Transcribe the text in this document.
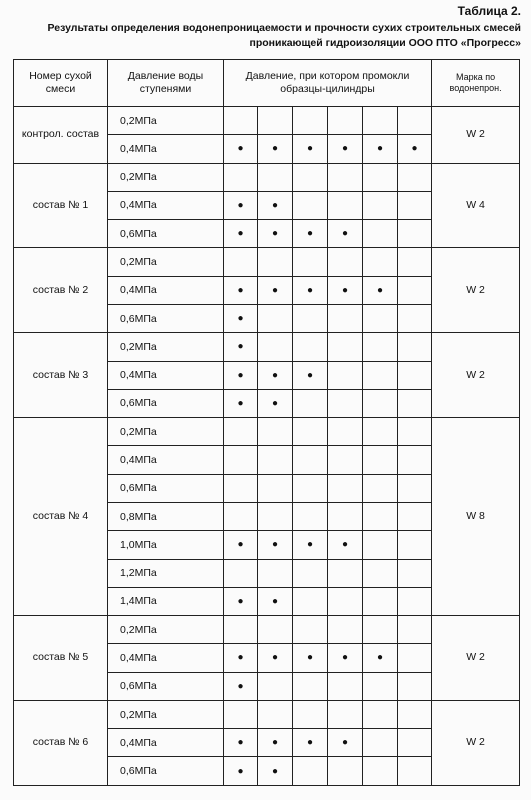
Таблица 2.
Результаты определения водонепроницаемости и прочности сухих строительных смесей проникающей гидроизоляции ООО ПТО «Прогресс»
Номер сухой смеси	Давление воды ступенями	Давление, при котором промокли образцы-цилиндры						Марка по водонепрон.
контрол. состав	0,2МПа							W 2
	0,4МПа	●	●	●	●	●	●	
состав № 1	0,2МПа							W 4
	0,4МПа	●	●					
	0,6МПа	●	●	●	●			
состав № 2	0,2МПа							W 2
	0,4МПа	●	●	●	●	●		
	0,6МПа	●						
состав № 3	0,2МПа	●						W 2
	0,4МПа	●	●	●				
	0,6МПа	●	●					
состав № 4	0,2МПа							W 8
	0,4МПа							
	0,6МПа							
	0,8МПа							
	1,0МПа	●	●	●	●			
	1,2МПа							
	1,4МПа	●	●					
состав № 5	0,2МПа							W 2
	0,4МПа	●	●	●	●	●		
	0,6МПа	●						
состав № 6	0,2МПа							W 2
	0,4МПа	●	●	●	●			
	0,6МПа	●	●					
